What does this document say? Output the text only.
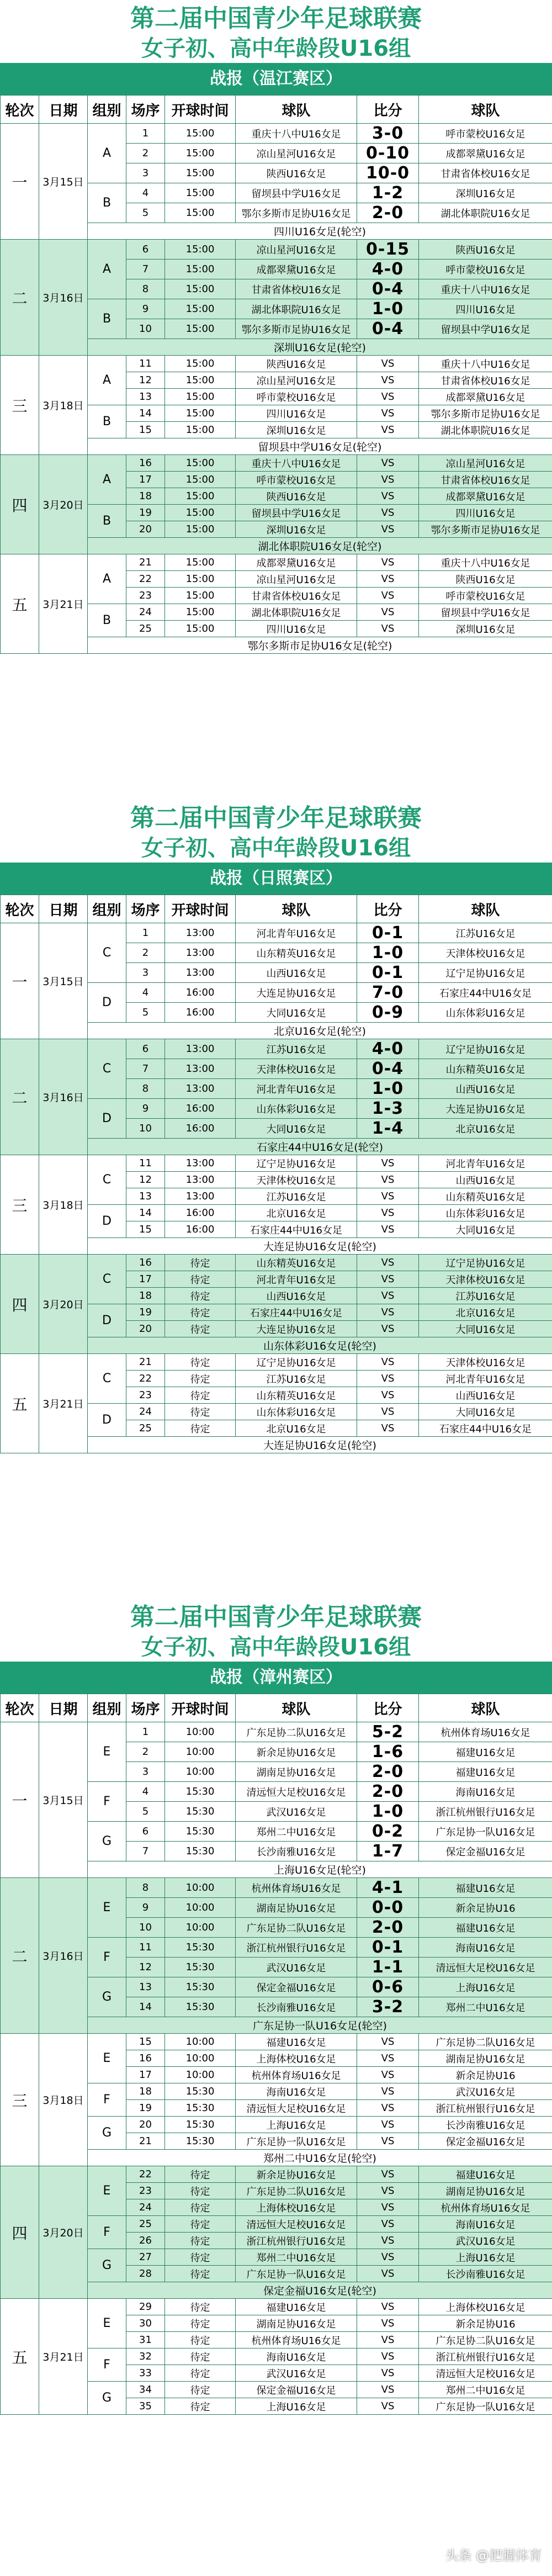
第二届中国青少年足球联赛
女子初、高中年龄段U16组
战报（温江赛区）
轮次	日期	组别	场序	开球时间	球队	比分	球队
一	3月15日	A	1	15:00	重庆十八中U16女足	3-0	呼市蒙校U16女足
			2	15:00	凉山星河U16女足	0-10	成都翠黛U16女足
			3	15:00	陕西U16女足	10-0	甘肃省体校U16女足
		B	4	15:00	留坝县中学U16女足	1-2	深圳U16女足
			5	15:00	鄂尔多斯市足协U16女足	2-0	湖北体职院U16女足
		四川U16女足(轮空)					
二	3月16日	A	6	15:00	凉山星河U16女足	0-15	陕西U16女足
			7	15:00	成都翠黛U16女足	4-0	呼市蒙校U16女足
			8	15:00	甘肃省体校U16女足	0-4	重庆十八中U16女足
		B	9	15:00	湖北体职院U16女足	1-0	四川U16女足
			10	15:00	鄂尔多斯市足协U16女足	0-4	留坝县中学U16女足
		深圳U16女足(轮空)					
三	3月18日	A	11	15:00	陕西U16女足	VS	重庆十八中U16女足
			12	15:00	凉山星河U16女足	VS	甘肃省体校U16女足
			13	15:00	呼市蒙校U16女足	VS	成都翠黛U16女足
		B	14	15:00	四川U16女足	VS	鄂尔多斯市足协U16女足
			15	15:00	深圳U16女足	VS	湖北体职院U16女足
		留坝县中学U16女足(轮空)					
四	3月20日	A	16	15:00	重庆十八中U16女足	VS	凉山星河U16女足
			17	15:00	呼市蒙校U16女足	VS	甘肃省体校U16女足
			18	15:00	陕西U16女足	VS	成都翠黛U16女足
		B	19	15:00	留坝县中学U16女足	VS	四川U16女足
			20	15:00	深圳U16女足	VS	鄂尔多斯市足协U16女足
		湖北体职院U16女足(轮空)					
五	3月21日	A	21	15:00	成都翠黛U16女足	VS	重庆十八中U16女足
			22	15:00	凉山星河U16女足	VS	陕西U16女足
			23	15:00	甘肃省体校U16女足	VS	呼市蒙校U16女足
		B	24	15:00	湖北体职院U16女足	VS	留坝县中学U16女足
			25	15:00	四川U16女足	VS	深圳U16女足
		鄂尔多斯市足协U16女足(轮空)					
第二届中国青少年足球联赛
女子初、高中年龄段U16组
战报（日照赛区）
轮次	日期	组别	场序	开球时间	球队	比分	球队
一	3月15日	C	1	13:00	河北青年U16女足	0-1	江苏U16女足
			2	13:00	山东精英U16女足	1-0	天津体校U16女足
			3	13:00	山西U16女足	0-1	辽宁足协U16女足
		D	4	16:00	大连足协U16女足	7-0	石家庄44中U16女足
			5	16:00	大同U16女足	0-9	山东体彩U16女足
		北京U16女足(轮空)					
二	3月16日	C	6	13:00	江苏U16女足	4-0	辽宁足协U16女足
			7	13:00	天津体校U16女足	0-4	山东精英U16女足
			8	13:00	河北青年U16女足	1-0	山西U16女足
		D	9	16:00	山东体彩U16女足	1-3	大连足协U16女足
			10	16:00	大同U16女足	1-4	北京U16女足
		石家庄44中U16女足(轮空)					
三	3月18日	C	11	13:00	辽宁足协U16女足	VS	河北青年U16女足
			12	13:00	天津体校U16女足	VS	山西U16女足
			13	13:00	江苏U16女足	VS	山东精英U16女足
		D	14	16:00	北京U16女足	VS	山东体彩U16女足
			15	16:00	石家庄44中U16女足	VS	大同U16女足
		大连足协U16女足(轮空)					
四	3月20日	C	16	待定	山东精英U16女足	VS	辽宁足协U16女足
			17	待定	河北青年U16女足	VS	天津体校U16女足
			18	待定	山西U16女足	VS	江苏U16女足
		D	19	待定	石家庄44中U16女足	VS	北京U16女足
			20	待定	大连足协U16女足	VS	大同U16女足
		山东体彩U16女足(轮空)					
五	3月21日	C	21	待定	辽宁足协U16女足	VS	天津体校U16女足
			22	待定	江苏U16女足	VS	河北青年U16女足
			23	待定	山东精英U16女足	VS	山西U16女足
		D	24	待定	山东体彩U16女足	VS	大同U16女足
			25	待定	北京U16女足	VS	石家庄44中U16女足
		大连足协U16女足(轮空)					
第二届中国青少年足球联赛
女子初、高中年龄段U16组
战报（漳州赛区）
轮次	日期	组别	场序	开球时间	球队	比分	球队
一	3月15日	E	1	10:00	广东足协二队U16女足	5-2	杭州体育场U16女足
			2	10:00	新余足协U16女足	1-6	福建U16女足
			3	10:00	湖南足协U16女足	2-0	福建U16女足
		F	4	15:30	清远恒大足校U16女足	2-0	海南U16女足
			5	15:30	武汉U16女足	1-0	浙江杭州银行U16女足
		G	6	15:30	郑州二中U16女足	0-2	广东足协一队U16女足
			7	15:30	长沙南雅U16女足	1-7	保定金福U16女足
		上海U16女足(轮空)					
二	3月16日	E	8	10:00	杭州体育场U16女足	4-1	福建U16女足
			9	10:00	湖南足协U16女足	0-0	新余足协U16
			10	10:00	广东足协二队U16女足	2-0	福建U16女足
		F	11	15:30	浙江杭州银行U16女足	0-1	海南U16女足
			12	15:30	武汉U16女足	1-1	清远恒大足校U16女足
		G	13	15:30	保定金福U16女足	0-6	上海U16女足
			14	15:30	长沙南雅U16女足	3-2	郑州二中U16女足
		广东足协一队U16女足(轮空)					
三	3月18日	E	15	10:00	福建U16女足	VS	广东足协二队U16女足
			16	10:00	上海体校U16女足	VS	湖南足协U16女足
			17	10:00	杭州体育场U16女足	VS	新余足协U16
		F	18	15:30	海南U16女足	VS	武汉U16女足
			19	15:30	清远恒大足校U16女足	VS	浙江杭州银行U16女足
		G	20	15:30	上海U16女足	VS	长沙南雅U16女足
			21	15:30	广东足协一队U16女足	VS	保定金福U16女足
		郑州二中U16女足(轮空)					
四	3月20日	E	22	待定	新余足协U16女足	VS	福建U16女足
			23	待定	广东足协二队U16女足	VS	湖南足协U16女足
			24	待定	上海体校U16女足	VS	杭州体育场U16女足
		F	25	待定	清远恒大足校U16女足	VS	海南U16女足
			26	待定	浙江杭州银行U16女足	VS	武汉U16女足
		G	27	待定	郑州二中U16女足	VS	上海U16女足
			28	待定	广东足协一队U16女足	VS	长沙南雅U16女足
		保定金福U16女足(轮空)					
五	3月21日	E	29	待定	福建U16女足	VS	上海体校U16女足
			30	待定	湖南足协U16女足	VS	新余足协U16
			31	待定	杭州体育场U16女足	VS	广东足协二队U16女足
		F	32	待定	海南U16女足	VS	浙江杭州银行U16女足
			33	待定	武汉U16女足	VS	清远恒大足校U16女足
		G	34	待定	保定金福U16女足	VS	郑州二中U16女足
			35	待定	上海U16女足	VS	广东足协一队U16女足
头条 @把握体育
